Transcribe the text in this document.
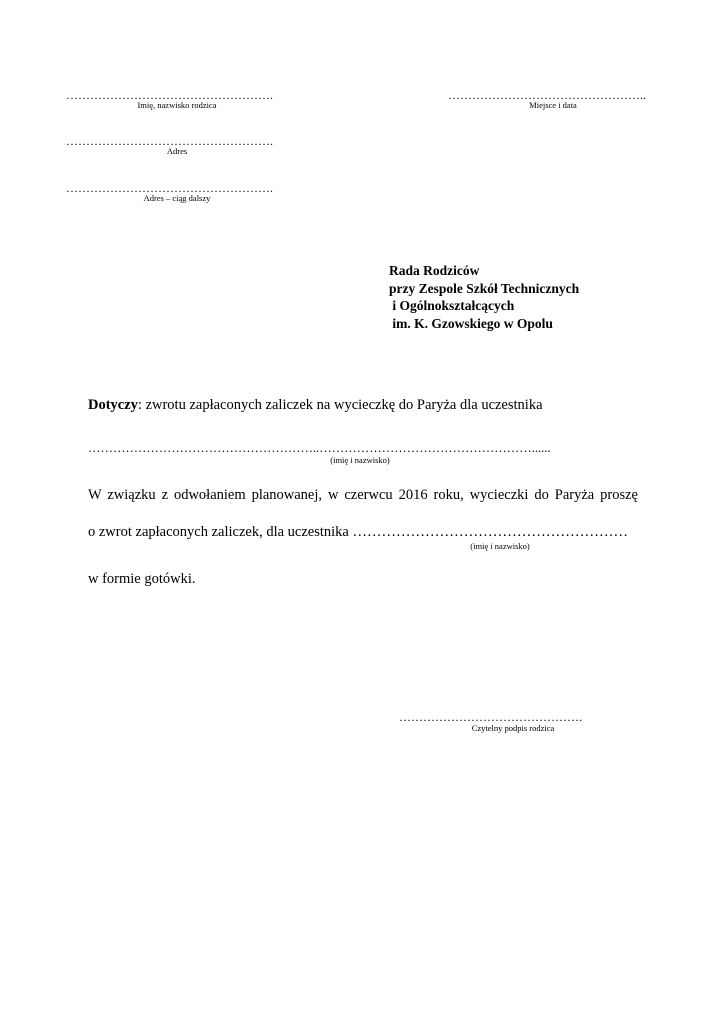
…………………………………………….
Imię, nazwisko rodzica
…………………………………………….
Adres
…………………………………………….
Adres – ciąg dalszy
…………………………………………..
Miejsce i data
Rada Rodziców
przy Zespole Szkół Technicznych
i Ogólnokształcących
im. K. Gzowskiego w Opolu
Dotyczy: zwrotu zapłaconych zaliczek na wycieczkę do Paryża dla uczestnika
………………………………………………..……………………………………………......
(imię i nazwisko)
W związku z odwołaniem planowanej, w czerwcu 2016 roku, wycieczki do Paryża proszę
o zwrot zapłaconych zaliczek, dla uczestnika …………………………………………………
(imię i nazwisko)
w formie gotówki.
……………………………………….
Czytelny podpis rodzica
